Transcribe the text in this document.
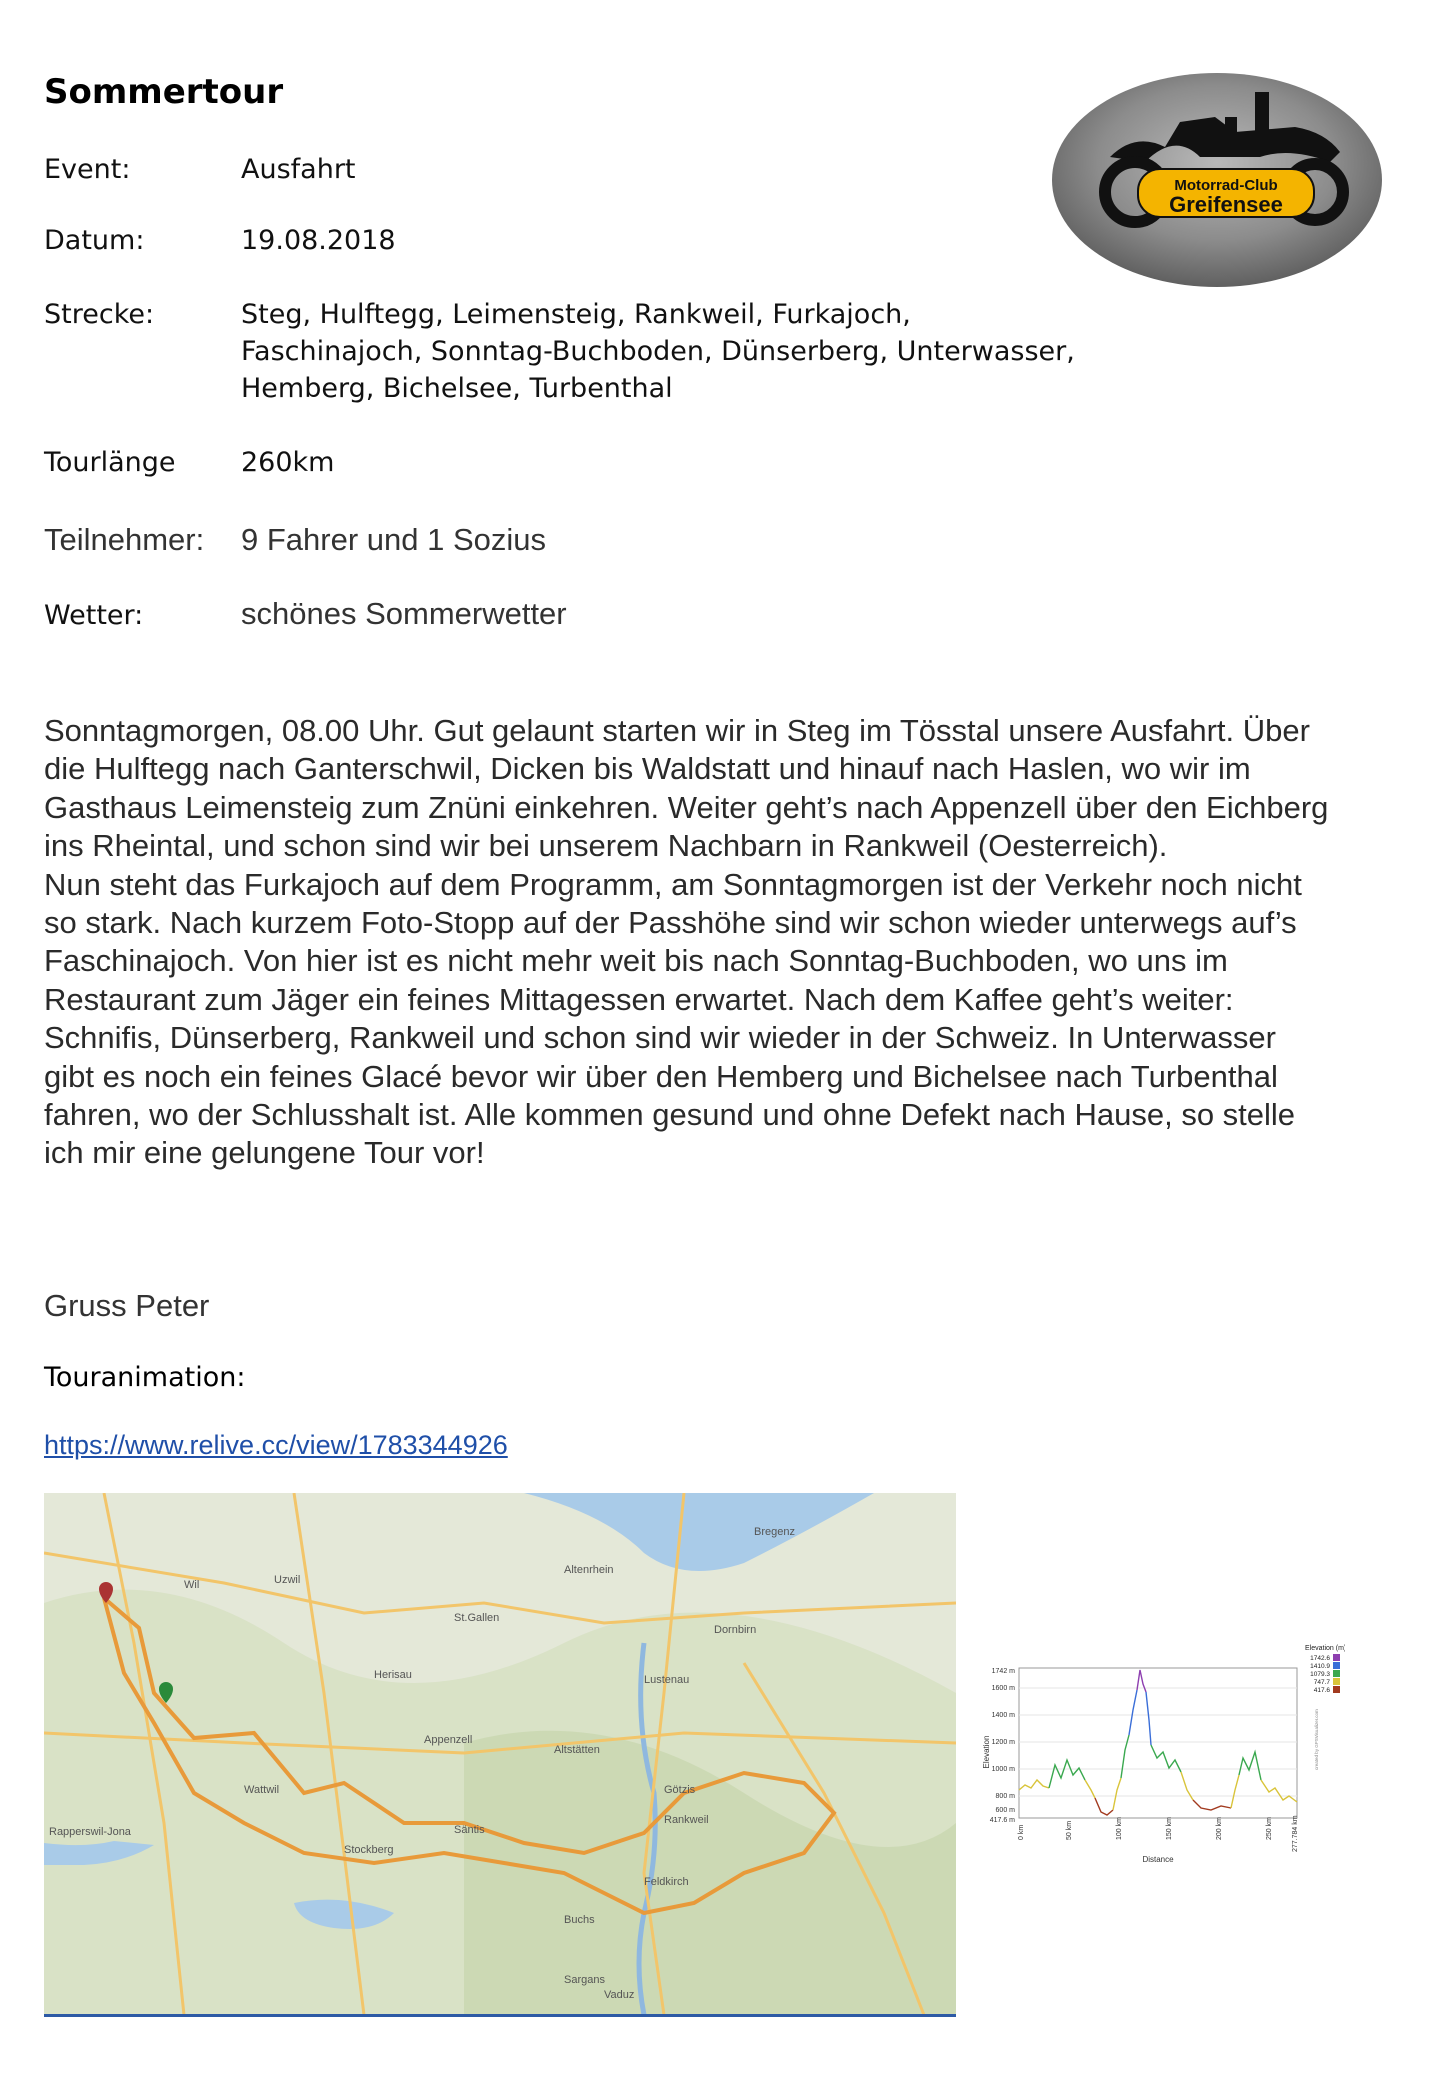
Sommertour
Motorrad-Club
Greifensee
Event:	Ausfahrt
Datum:	19.08.2018
Strecke:	Steg, Hulftegg, Leimensteig, Rankweil, Furkajoch,
Faschinajoch, Sonntag-Buchboden, Dünserberg, Unterwasser,
Hemberg, Bichelsee, Turbenthal
Tourlänge 260km
Teilnehmer: 9 Fahrer und 1 Sozius
Wetter:	schönes Sommerwetter

Sonntagmorgen, 08.00 Uhr. Gut gelaunt starten wir in Steg im Tösstal unsere Ausfahrt. Über die Hulftegg nach Ganterschwil, Dicken bis Waldstatt und hinauf nach Haslen, wo wir im Gasthaus Leimensteig zum Znüni einkehren. Weiter geht’s nach Appenzell über den Eichberg ins Rheintal, und schon sind wir bei unserem Nachbarn in Rankweil (Oesterreich).

Nun steht das Furkajoch auf dem Programm, am Sonntagmorgen ist der Verkehr noch nicht so stark. Nach kurzem Foto-Stopp auf der Passhöhe sind wir schon wieder unterwegs auf’s Faschinajoch. Von hier ist es nicht mehr weit bis nach Sonntag-Buchboden, wo uns im Restaurant zum Jäger ein feines Mittagessen erwartet. Nach dem Kaffee geht’s weiter: Schnifis, Dünserberg, Rankweil und schon sind wir wieder in der Schweiz. In Unterwasser gibt es noch ein feines Glacé bevor wir über den Hemberg und Bichelsee nach Turbenthal fahren, wo der Schlusshalt ist. Alle kommen gesund und ohne Defekt nach Hause, so stelle ich mir eine gelungene Tour vor!

Gruss Peter
Touranimation:
https://www.relive.cc/view/1783344926
St.Gallen
Feldkirch
Bregenz
Dornbirn
Vaduz
Säntis
Altenrhein
Sargans
Wil	Uzwil
Herisau
Appenzell
Altstätten
Lustenau
Rankweil
Götzis
Buchs
Stockberg
Wattwil
Rapperswil-Jona
1742 m
1600 m
1400 m
1200 m
1000 m
800 m
600 m
417.6 m
0 km	50 km	100 km	150 km	200 km	250 km	277.784 km
Elevation
Distance
Elevation (m)
1742.6
1410.9
1079.3
747.7
417.6
created by GPSVisualizer.com
